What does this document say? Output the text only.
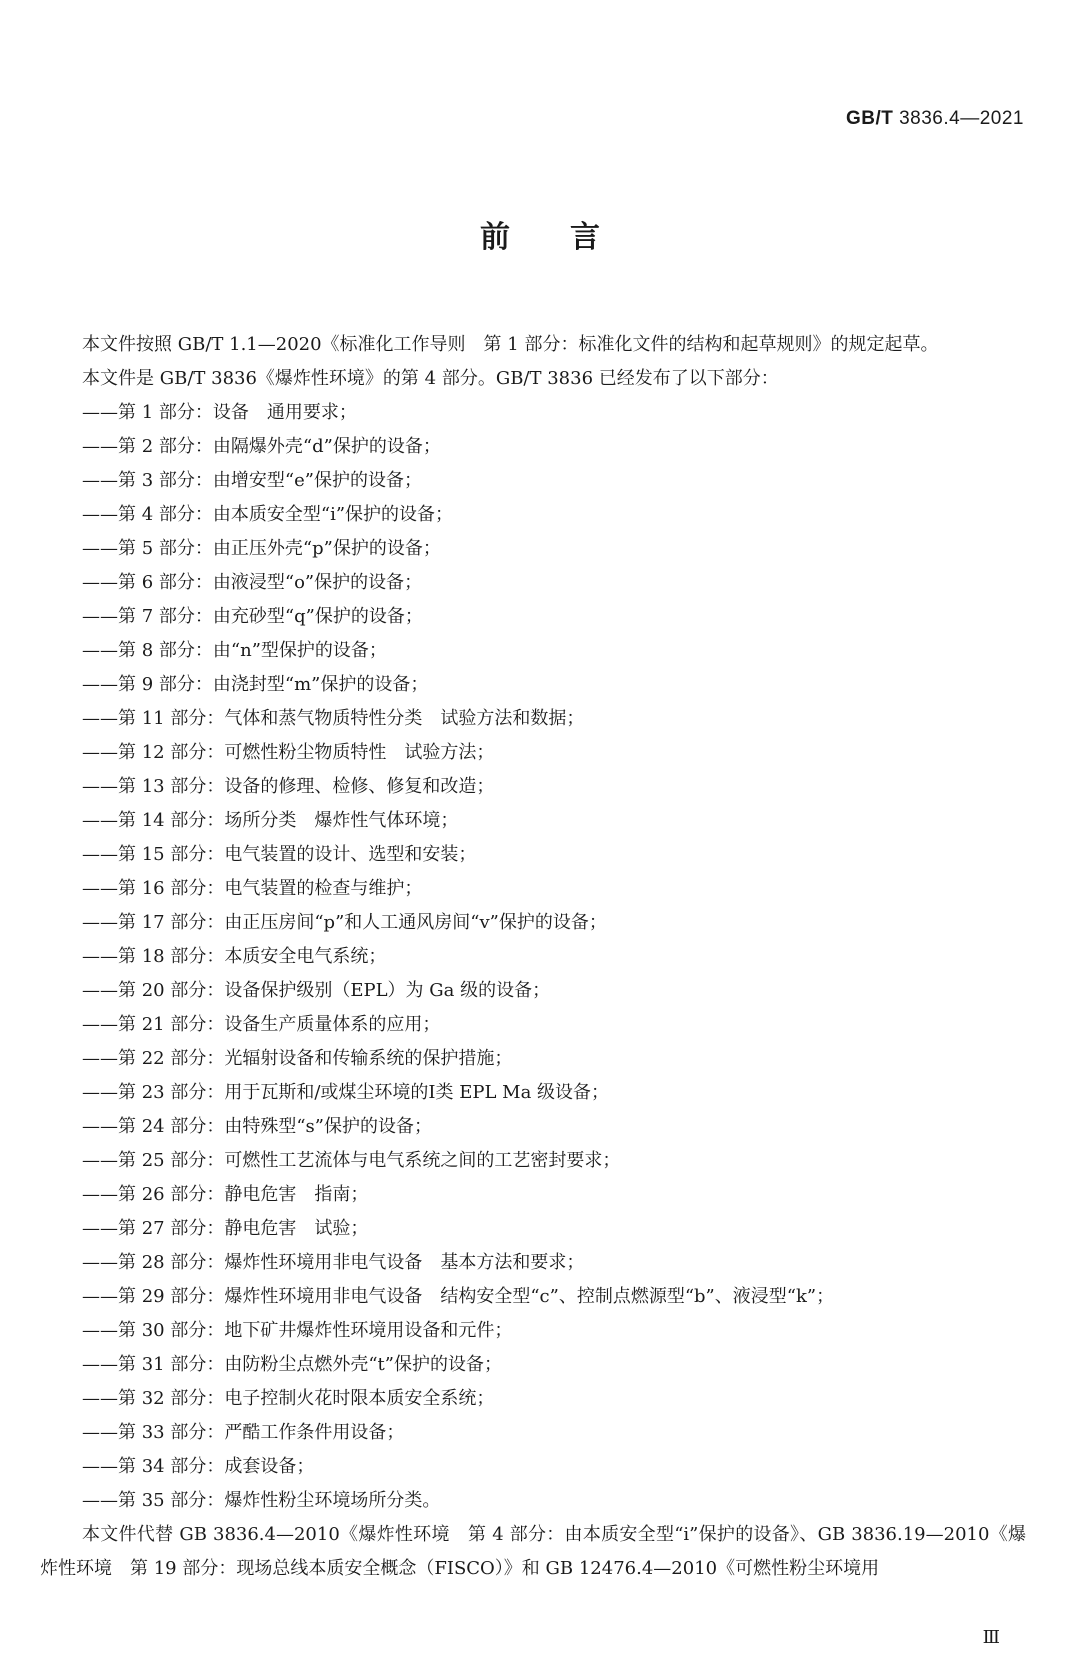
GB/T 3836.4—2021
前言

本文件按照 GB/T 1.1—2020《标准化工作导则　第 1 部分：标准化文件的结构和起草规则》的规定起草。

本文件是 GB/T 3836《爆炸性环境》的第 4 部分。GB/T 3836 已经发布了以下部分：

——第 1 部分：设备　通用要求；
——第 2 部分：由隔爆外壳“d”保护的设备；
——第 3 部分：由增安型“e”保护的设备；
——第 4 部分：由本质安全型“i”保护的设备；
——第 5 部分：由正压外壳“p”保护的设备；
——第 6 部分：由液浸型“o”保护的设备；
——第 7 部分：由充砂型“q”保护的设备；
——第 8 部分：由“n”型保护的设备；
——第 9 部分：由浇封型“m”保护的设备；
——第 11 部分：气体和蒸气物质特性分类　试验方法和数据；
——第 12 部分：可燃性粉尘物质特性　试验方法；
——第 13 部分：设备的修理、检修、修复和改造；
——第 14 部分：场所分类　爆炸性气体环境；
——第 15 部分：电气装置的设计、选型和安装；
——第 16 部分：电气装置的检查与维护；
——第 17 部分：由正压房间“p”和人工通风房间“v”保护的设备；
——第 18 部分：本质安全电气系统；
——第 20 部分：设备保护级别（EPL）为 Ga 级的设备；
——第 21 部分：设备生产质量体系的应用；
——第 22 部分：光辐射设备和传输系统的保护措施；
——第 23 部分：用于瓦斯和/或煤尘环境的Ⅰ类 EPL Ma 级设备；
——第 24 部分：由特殊型“s”保护的设备；
——第 25 部分：可燃性工艺流体与电气系统之间的工艺密封要求；
——第 26 部分：静电危害　指南；
——第 27 部分：静电危害　试验；
——第 28 部分：爆炸性环境用非电气设备　基本方法和要求；
——第 29 部分：爆炸性环境用非电气设备　结构安全型“c”、控制点燃源型“b”、液浸型“k”；
——第 30 部分：地下矿井爆炸性环境用设备和元件；
——第 31 部分：由防粉尘点燃外壳“t”保护的设备；
——第 32 部分：电子控制火花时限本质安全系统；
——第 33 部分：严酷工作条件用设备；
——第 34 部分：成套设备；
——第 35 部分：爆炸性粉尘环境场所分类。

本文件代替 GB 3836.4—2010《爆炸性环境　第 4 部分：由本质安全型“i”保护的设备》、GB 3836.19—2010《爆炸性环境　第 19 部分：现场总线本质安全概念（FISCO）》和 GB 12476.4—2010《可燃性粉尘环境用

Ⅲ
